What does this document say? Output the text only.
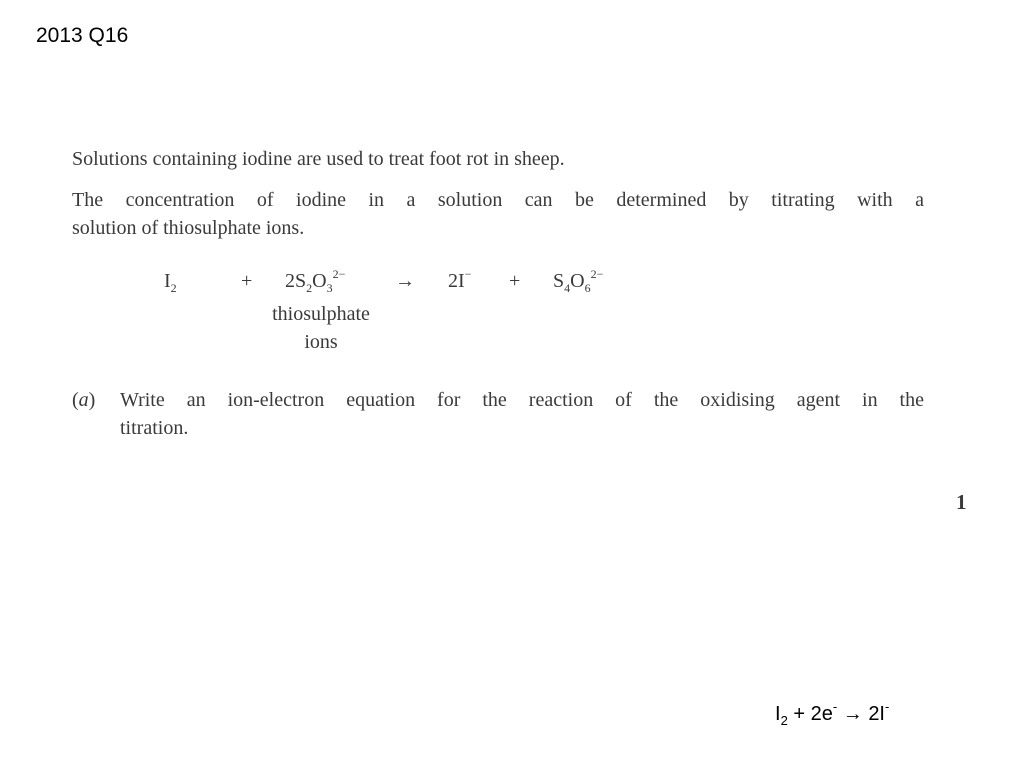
2013 Q16

Solutions containing iodine are used to treat foot rot in sheep.

The concentration of iodine in a solution can be determined by titrating with a
solution of thiosulphate ions.

$I_2$	+ $2S_2O_3^{2-} \to 2I^- + S_4O_6^{2-}$
thiosulphate
ions
(a) Write an ion-electron equation for the reaction of the oxidising agent in the
titration.
1
$I_2 + 2e^- \to 2I^-$
